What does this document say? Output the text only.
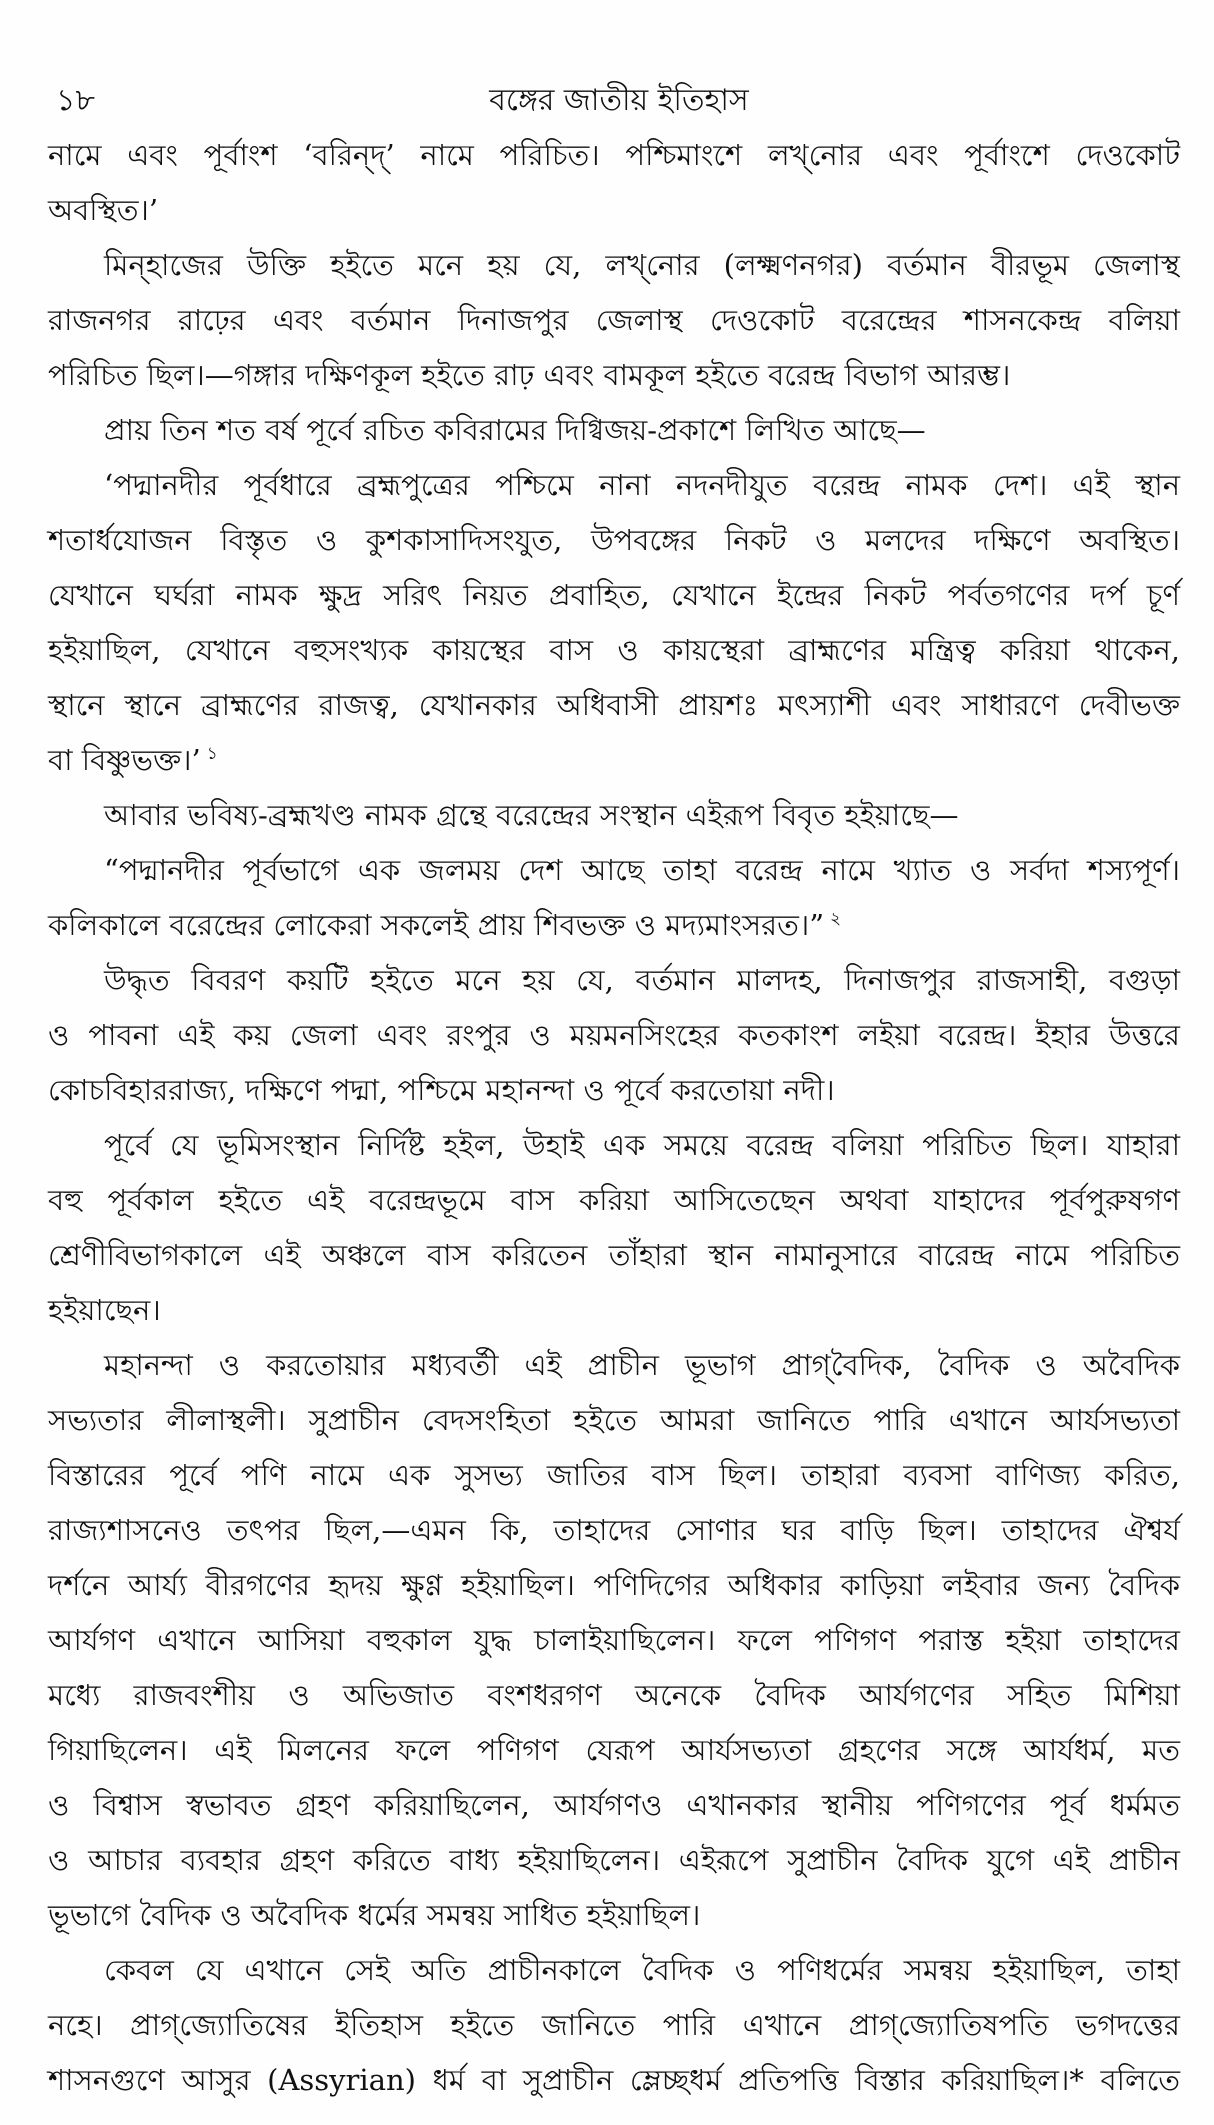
১৮	বঙ্গের জাতীয় ইতিহাস
নামে এবং পূর্বাংশ ‘বরিন্দ্‌’ নামে পরিচিত। পশ্চিমাংশে লখ্‌নোর এবং পূর্বাংশে দেওকোট
অবস্থিত।’
মিন্‌হাজের উক্তি হইতে মনে হয় যে, লখ্‌নোর (লক্ষ্মণনগর) বর্তমান বীরভূম জেলাস্থ
রাজনগর রাঢ়ের এবং বর্তমান দিনাজপুর জেলাস্থ দেওকোট বরেন্দ্রের শাসনকেন্দ্র বলিয়া
পরিচিত ছিল।—গঙ্গার দক্ষিণকূল হইতে রাঢ় এবং বামকূল হইতে বরেন্দ্র বিভাগ আরম্ভ।
প্রায় তিন শত বর্ষ পূর্বে রচিত কবিরামের দিগ্বিজয়-প্রকাশে লিখিত আছে—
‘পদ্মানদীর পূর্বধারে ব্রহ্মপুত্রের পশ্চিমে নানা নদনদীযুত বরেন্দ্র নামক দেশ। এই স্থান
শতার্ধযোজন বিস্তৃত ও কুশকাসাদিসংযুত, উপবঙ্গের নিকট ও মলদের দক্ষিণে অবস্থিত।
যেখানে ঘর্ঘরা নামক ক্ষুদ্র সরিৎ নিয়ত প্রবাহিত, যেখানে ইন্দ্রের নিকট পর্বতগণের দর্প চূর্ণ
হইয়াছিল, যেখানে বহুসংখ্যক কায়স্থের বাস ও কায়স্থেরা ব্রাহ্মণের মন্ত্রিত্ব করিয়া থাকেন,
স্থানে স্থানে ব্রাহ্মণের রাজত্ব, যেখানকার অধিবাসী প্রায়শঃ মৎস্যাশী এবং সাধারণে দেবীভক্ত
বা বিষ্ণুভক্ত।’ $^১$
আবার ভবিষ্য-ব্রহ্মখণ্ড নামক গ্রন্থে বরেন্দ্রের সংস্থান এইরূপ বিবৃত হইয়াছে—
“পদ্মানদীর পূর্বভাগে এক জলময় দেশ আছে তাহা বরেন্দ্র নামে খ্যাত ও সর্বদা শস্যপূর্ণ।
কলিকালে বরেন্দ্রের লোকেরা সকলেই প্রায় শিবভক্ত ও মদ্যমাংসরত।” $^২$
উদ্ধৃত বিবরণ কয়টি হইতে মনে হয় যে, বর্তমান মালদহ, দিনাজপুর রাজসাহী, বগুড়া
ও পাবনা এই কয় জেলা এবং রংপুর ও ময়মনসিংহের কতকাংশ লইয়া বরেন্দ্র। ইহার উত্তরে
কোচবিহাররাজ্য, দক্ষিণে পদ্মা, পশ্চিমে মহানন্দা ও পূর্বে করতোয়া নদী।
পূর্বে যে ভূমিসংস্থান নির্দিষ্ট হইল, উহাই এক সময়ে বরেন্দ্র বলিয়া পরিচিত ছিল। যাহারা
বহু পূর্বকাল হইতে এই বরেন্দ্রভূমে বাস করিয়া আসিতেছেন অথবা যাহাদের পূর্বপুরুষগণ
শ্রেণীবিভাগকালে এই অঞ্চলে বাস করিতেন তাঁহারা স্থান নামানুসারে বারেন্দ্র নামে পরিচিত
হইয়াছেন।
মহানন্দা ও করতোয়ার মধ্যবর্তী এই প্রাচীন ভূভাগ প্রাগ্‌বৈদিক, বৈদিক ও অবৈদিক
সভ্যতার লীলাস্থলী। সুপ্রাচীন বেদসংহিতা হইতে আমরা জানিতে পারি এখানে আর্যসভ্যতা
বিস্তারের পূর্বে পণি নামে এক সুসভ্য জাতির বাস ছিল। তাহারা ব্যবসা বাণিজ্য করিত,
রাজ্যশাসনেও তৎপর ছিল,—এমন কি, তাহাদের সোণার ঘর বাড়ি ছিল। তাহাদের ঐশ্বর্য
দর্শনে আর্য্য বীরগণের হৃদয় ক্ষুণ্ণ হইয়াছিল। পণিদিগের অধিকার কাড়িয়া লইবার জন্য বৈদিক
আর্যগণ এখানে আসিয়া বহুকাল যুদ্ধ চালাইয়াছিলেন। ফলে পণিগণ পরাস্ত হইয়া তাহাদের
মধ্যে রাজবংশীয় ও অভিজাত বংশধরগণ অনেকে বৈদিক আর্যগণের সহিত মিশিয়া
গিয়াছিলেন। এই মিলনের ফলে পণিগণ যেরূপ আর্যসভ্যতা গ্রহণের সঙ্গে আর্যধর্ম, মত
ও বিশ্বাস স্বভাবত গ্রহণ করিয়াছিলেন, আর্যগণও এখানকার স্থানীয় পণিগণের পূর্ব ধর্মমত
ও আচার ব্যবহার গ্রহণ করিতে বাধ্য হইয়াছিলেন। এইরূপে সুপ্রাচীন বৈদিক যুগে এই প্রাচীন
ভূভাগে বৈদিক ও অবৈদিক ধর্মের সমন্বয় সাধিত হইয়াছিল।
কেবল যে এখানে সেই অতি প্রাচীনকালে বৈদিক ও পণিধর্মের সমন্বয় হইয়াছিল, তাহা
নহে। প্রাগ্‌জ্যোতিষের ইতিহাস হইতে জানিতে পারি এখানে প্রাগ্‌জ্যোতিষপতি ভগদত্তের
শাসনগুণে আসুর (Assyrian) ধর্ম বা সুপ্রাচীন ম্লেচ্ছধর্ম প্রতিপত্তি বিস্তার করিয়াছিল।* বলিতে
